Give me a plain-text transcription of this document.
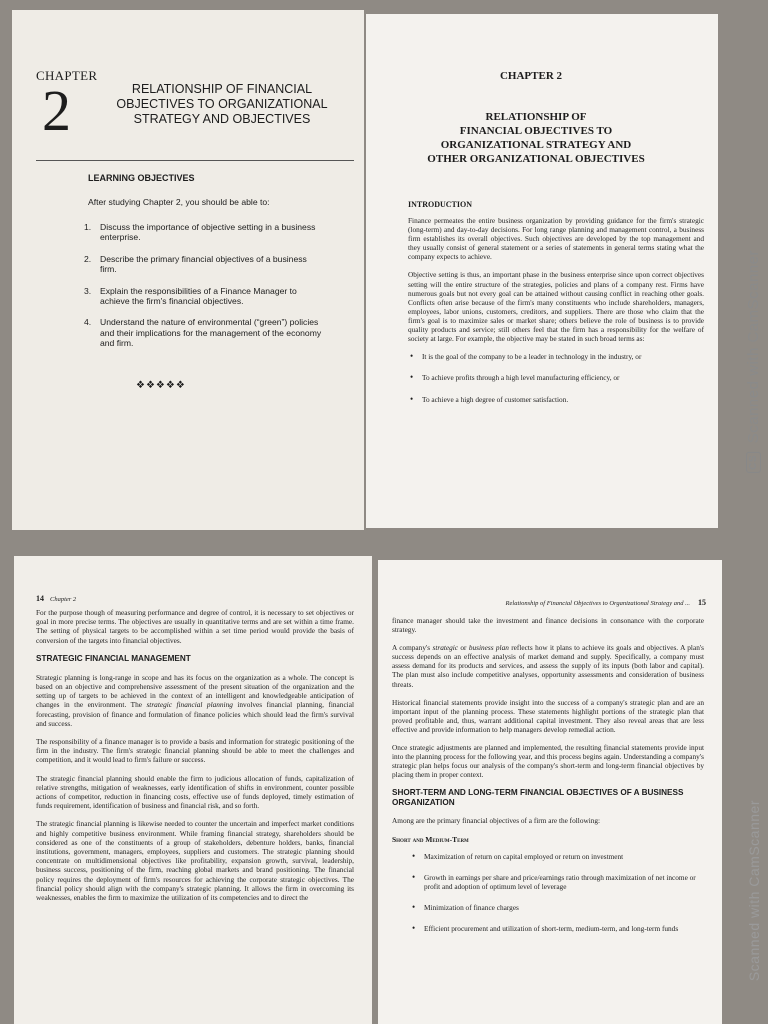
CHAPTER
2	RELATIONSHIP OF FINANCIAL
OBJECTIVES TO ORGANIZATIONAL
STRATEGY AND OBJECTIVES
LEARNING OBJECTIVES
After studying Chapter 2, you should be able to:
1.	Discuss the importance of objective setting in a business enterprise.
2.	Describe the primary financial objectives of a business firm.
3.	Explain the responsibilities of a Finance Manager to achieve the firm's financial objectives.
4.	Understand the nature of environmental (“green”) policies and their implications for the management of the economy and firm.
❖❖❖❖❖
CHAPTER 2
RELATIONSHIP OF
FINANCIAL OBJECTIVES TO
ORGANIZATIONAL STRATEGY AND
OTHER ORGANIZATIONAL OBJECTIVES
INTRODUCTION

Finance permeates the entire business organization by providing guidance for the firm's strategic (long-term) and day-to-day decisions. For long range planning and management control, a business firm establishes its overall objectives. Such objectives are developed by the top management and they usually consist of general statement or a series of statements in general terms stating what the company expects to achieve.

Objective setting is thus, an important phase in the business enterprise since upon correct objectives setting will the entire structure of the strategies, policies and plans of a company rest. Firms have numerous goals but not every goal can be attained without causing conflict in reaching other goals. Conflicts often arise because of the firm's many constituents who include shareholders, managers, employees, labor unions, customers, creditors, and suppliers. There are those who claim that the firm's goal is to maximize sales or market share; others believe the role of business is to provide quality products and service; still others feel that the firm has a responsibility for the welfare of society at large. For example, the objective may be stated in such broad terms as:

• It is the goal of the company to be a leader in technology in the industry, or
• To achieve profits through a high level manufacturing efficiency, or
• To achieve a high degree of customer satisfaction.
CS Scanned with CamScanner
14 Chapter 2

For the purpose though of measuring performance and degree of control, it is necessary to set objectives or goal in more precise terms. The objectives are usually in quantitative terms and are set within a time frame. The setting of physical targets to be accomplished within a set time period would provide the basis of conversion of the targets into financial objectives.

STRATEGIC FINANCIAL MANAGEMENT

Strategic planning is long-range in scope and has its focus on the organization as a whole. The concept is based on an objective and comprehensive assessment of the present situation of the organization and the setting up of targets to be achieved in the context of an intelligent and knowledgeable anticipation of changes in the environment. The strategic financial planning involves financial planning, financial forecasting, provision of finance and formulation of finance policies which should lead the firm's survival and success.

The responsibility of a finance manager is to provide a basis and information for strategic positioning of the firm in the industry. The firm's strategic financial planning should be able to meet the challenges and competition, and it would lead to firm's failure or success.

The strategic financial planning should enable the firm to judicious allocation of funds, capitalization of relative strengths, mitigation of weaknesses, early identification of shifts in environment, counter possible actions of competitor, reduction in financing costs, effective use of funds deployed, timely estimation of funds requirement, identification of business and financial risk, and so forth.

The strategic financial planning is likewise needed to counter the uncertain and imperfect market conditions and highly competitive business environment. While framing financial strategy, shareholders should be considered as one of the constituents of a group of stakeholders, debenture holders, banks, financial institutions, government, managers, employees, suppliers and customers. The strategic planning should concentrate on multidimensional objectives like profitability, expansion growth, survival, leadership, business success, positioning of the firm, reaching global markets and brand positioning. The financial policy requires the deployment of firm's resources for achieving the corporate strategic objectives. The financial policy should align with the company's strategic planning. It allows the firm in overcoming its weaknesses, enables the firm to maximize the utilization of its competencies and to direct the

Relationship of Financial Objectives to Organizational Strategy and ... 15

finance manager should take the investment and finance decisions in consonance with the corporate strategy.

A company's strategic or business plan reflects how it plans to achieve its goals and objectives. A plan's success depends on an effective analysis of market demand and supply. Specifically, a company must assess demand for its products and services, and assess the supply of its inputs (both labor and capital). The plan must also include competitive analyses, opportunity assessments and consideration of business threats.

Historical financial statements provide insight into the success of a company's strategic plan and are an important input of the planning process. These statements highlight portions of the strategic plan that proved profitable and, thus, warrant additional capital investment. They also reveal areas that are less effective and provide information to help managers develop remedial action.

Once strategic adjustments are planned and implemented, the resulting financial statements provide input into the planning process for the following year, and this process begins again. Understanding a company's strategic plan helps focus our analysis of the company's short-term and long-term financial objectives by placing them in proper context.

SHORT-TERM AND LONG-TERM FINANCIAL OBJECTIVES OF A BUSINESS ORGANIZATION

Among are the primary financial objectives of a firm are the following:

Short and Medium-Term
• Maximization of return on capital employed or return on investment
• Growth in earnings per share and price/earnings ratio through maximization of net income or profit and adoption of optimum level of leverage
• Minimization of finance charges
• Efficient procurement and utilization of short-term, medium-term, and long-term funds	Scanned with CamScanner
